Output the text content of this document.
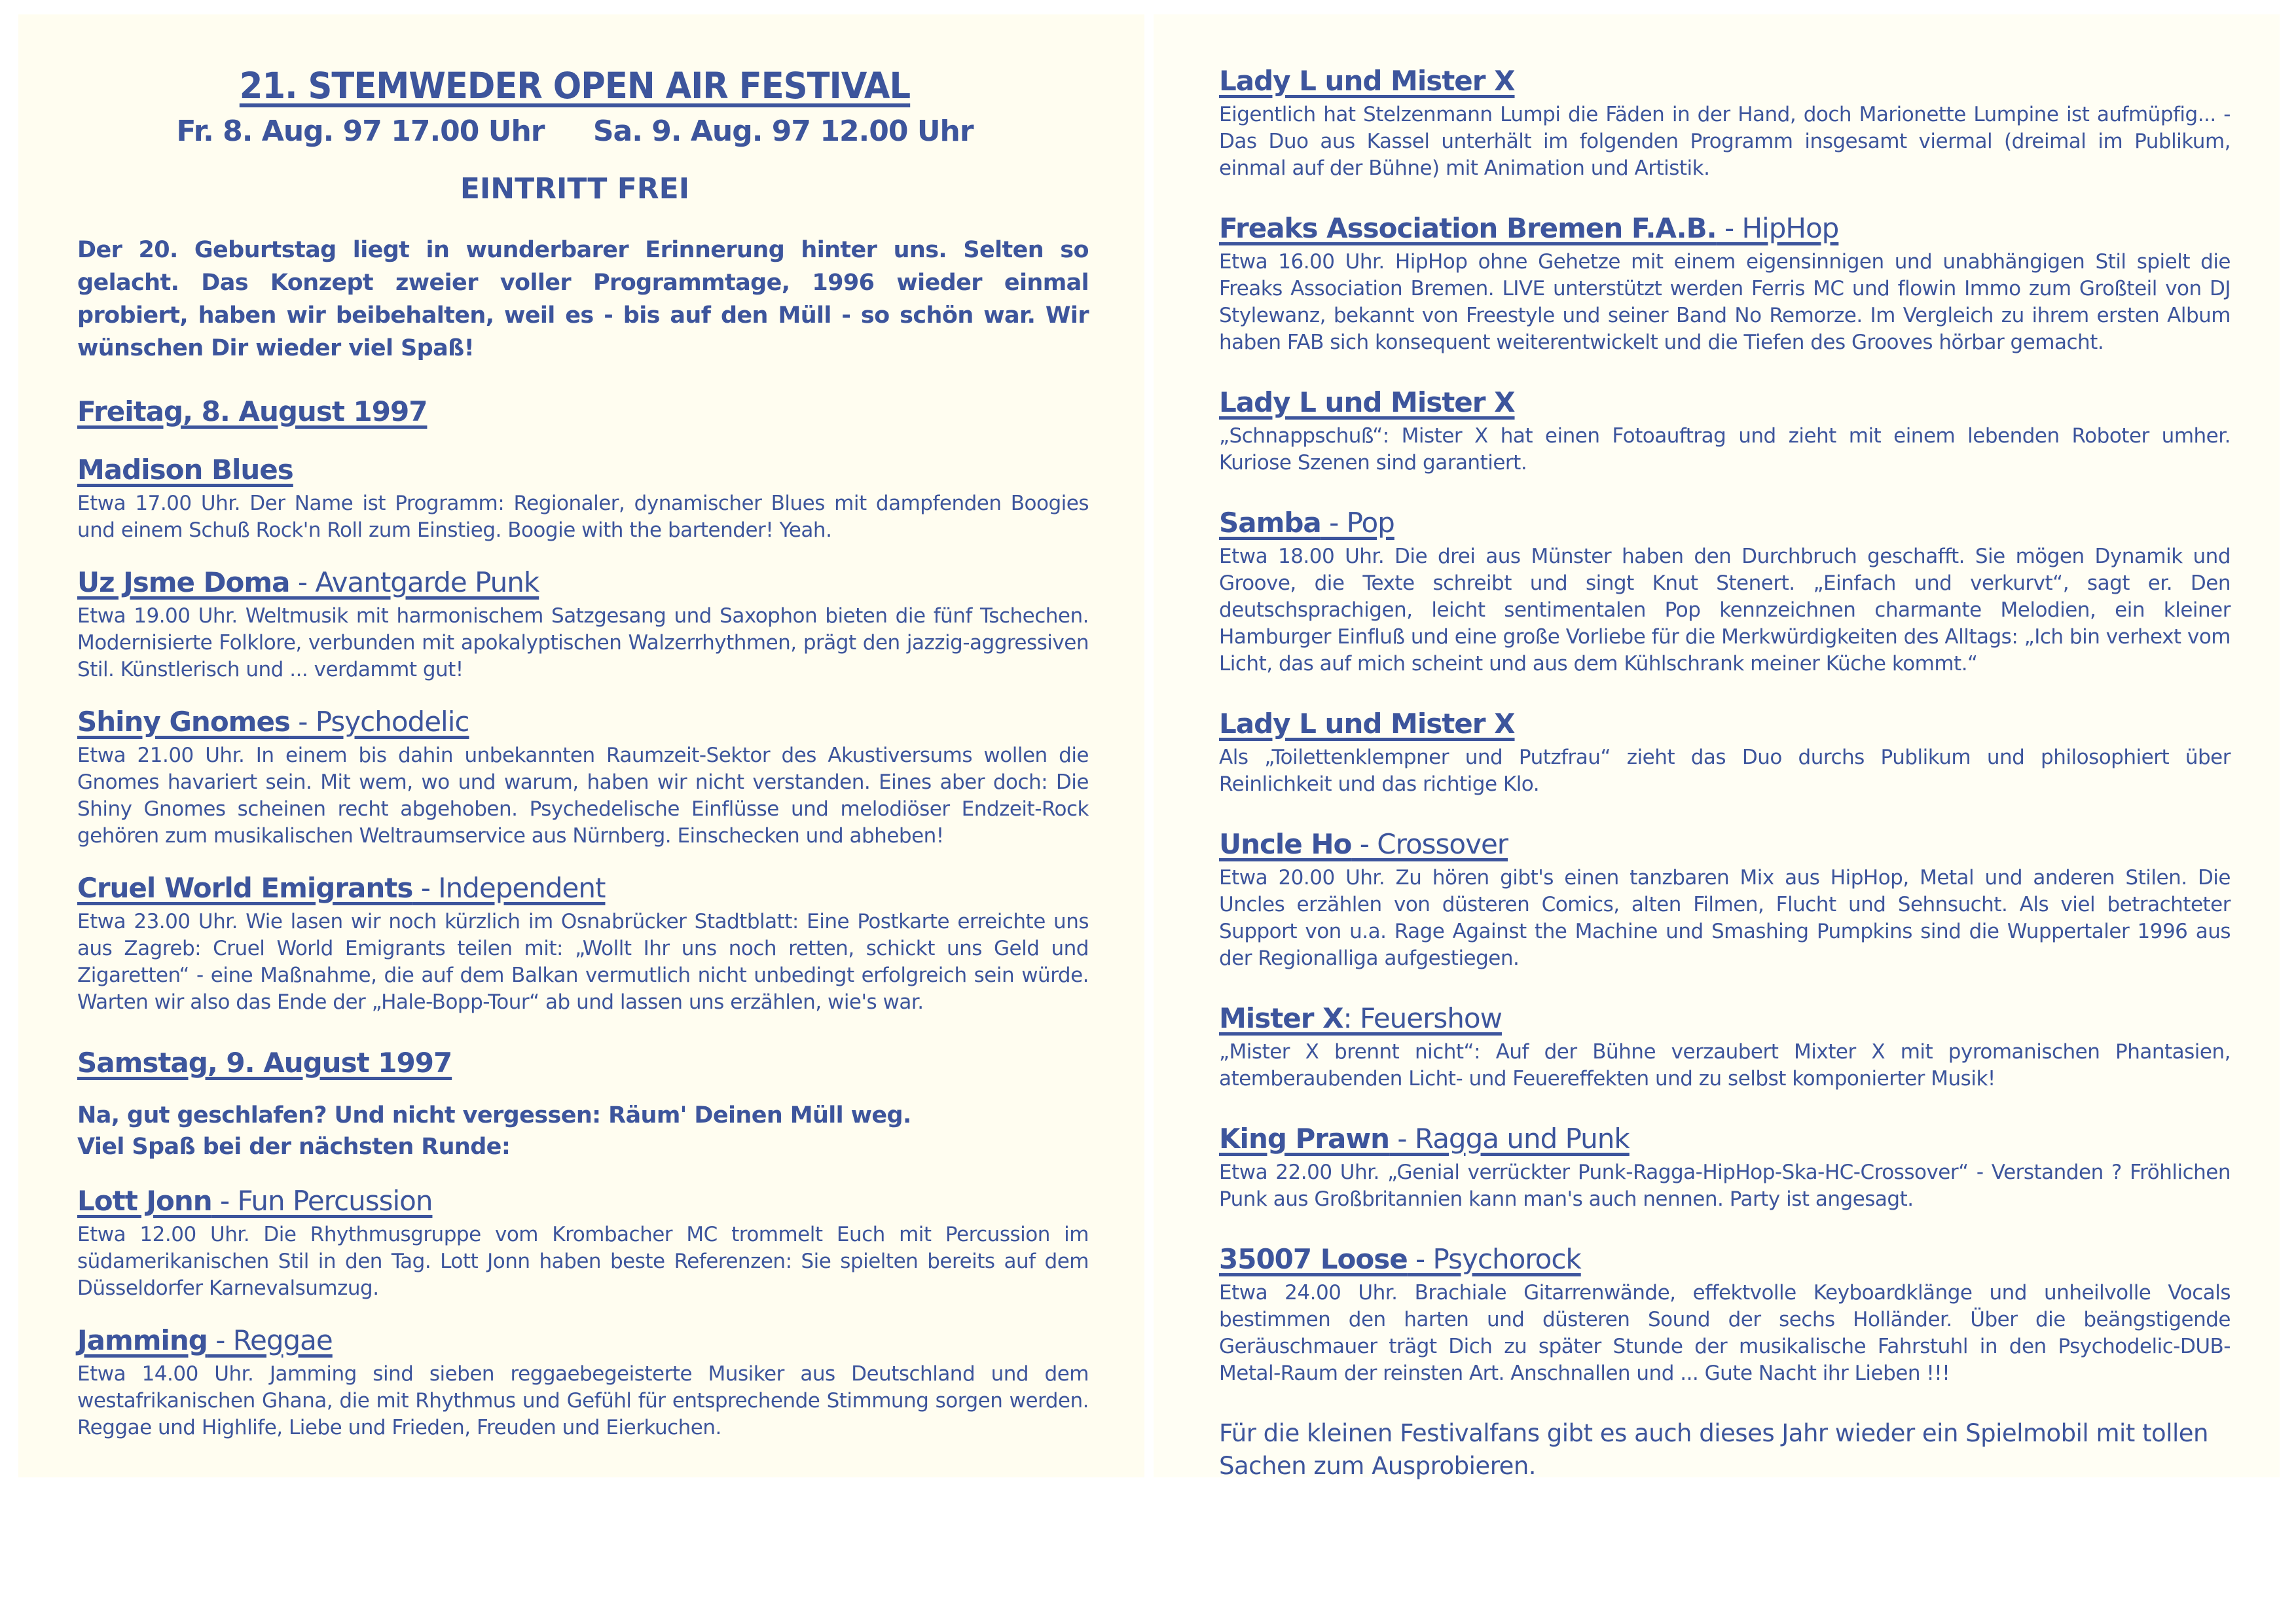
21. STEMWEDER OPEN AIR FESTIVAL
Fr. 8. Aug. 97 17.00 Uhr Sa. 9. Aug. 97 12.00 Uhr
EINTRITT FREI

Der 20. Geburtstag liegt in wunderbarer Erinnerung hinter uns. Selten so gelacht. Das Konzept zweier voller Programmtage, 1996 wieder einmal probiert, haben wir beibehalten, weil es - bis auf den Müll - so schön war. Wir wünschen Dir wieder viel Spaß!

Freitag, 8. August 1997
Madison Blues
Etwa 17.00 Uhr. Der Name ist Programm: Regionaler, dynamischer Blues mit dampfenden Boogies und einem Schuß Rock'n Roll zum Einstieg. Boogie with the bartender! Yeah.
Uz Jsme Doma - Avantgarde Punk
Etwa 19.00 Uhr. Weltmusik mit harmonischem Satzgesang und Saxophon bieten die fünf Tschechen. Modernisierte Folklore, verbunden mit apokalyptischen Walzerrhythmen, prägt den jazzig-aggressiven Stil. Künstlerisch und ... verdammt gut!
Shiny Gnomes - Psychodelic
Etwa 21.00 Uhr. In einem bis dahin unbekannten Raumzeit-Sektor des Akustiversums wollen die Gnomes havariert sein. Mit wem, wo und warum, haben wir nicht verstanden. Eines aber doch: Die Shiny Gnomes scheinen recht abgehoben. Psychedelische Einflüsse und melodiöser Endzeit-Rock gehören zum musikalischen Weltraumservice aus Nürnberg. Einschecken und abheben!
Cruel World Emigrants - Independent
Etwa 23.00 Uhr. Wie lasen wir noch kürzlich im Osnabrücker Stadtblatt: Eine Postkarte erreichte uns aus Zagreb: Cruel World Emigrants teilen mit: „Wollt Ihr uns noch retten, schickt uns Geld und Zigaretten“ - eine Maßnahme, die auf dem Balkan vermutlich nicht unbedingt erfolgreich sein würde. Warten wir also das Ende der „Hale-Bopp-Tour“ ab und lassen uns erzählen, wie's war.
Samstag, 9. August 1997
Na, gut geschlafen? Und nicht vergessen: Räum' Deinen Müll weg.
Viel Spaß bei der nächsten Runde:
Lott Jonn - Fun Percussion
Etwa 12.00 Uhr. Die Rhythmusgruppe vom Krombacher MC trommelt Euch mit Percussion im südamerikanischen Stil in den Tag. Lott Jonn haben beste Referenzen: Sie spielten bereits auf dem Düsseldorfer Karnevalsumzug.
Jamming - Reggae
Etwa 14.00 Uhr. Jamming sind sieben reggaebegeisterte Musiker aus Deutschland und dem westafrikanischen Ghana, die mit Rhythmus und Gefühl für entsprechende Stimmung sorgen werden. Reggae und Highlife, Liebe und Frieden, Freuden und Eierkuchen.
Lady L und Mister X
Eigentlich hat Stelzenmann Lumpi die Fäden in der Hand, doch Marionette Lumpine ist aufmüpfig... - Das Duo aus Kassel unterhält im folgenden Programm insgesamt viermal (dreimal im Publikum, einmal auf der Bühne) mit Animation und Artistik.
Freaks Association Bremen F.A.B. - HipHop
Etwa 16.00 Uhr. HipHop ohne Gehetze mit einem eigensinnigen und unabhängigen Stil spielt die Freaks Association Bremen. LIVE unterstützt werden Ferris MC und flowin Immo zum Großteil von DJ Stylewanz, bekannt von Freestyle und seiner Band No Remorze. Im Vergleich zu ihrem ersten Album haben FAB sich konsequent weiterentwickelt und die Tiefen des Grooves hörbar gemacht.
Lady L und Mister X
„Schnappschuß“: Mister X hat einen Fotoauftrag und zieht mit einem lebenden Roboter umher. Kuriose Szenen sind garantiert.
Samba - Pop
Etwa 18.00 Uhr. Die drei aus Münster haben den Durchbruch geschafft. Sie mögen Dynamik und Groove, die Texte schreibt und singt Knut Stenert. „Einfach und verkurvt“, sagt er. Den deutschsprachigen, leicht sentimentalen Pop kennzeichnen charmante Melodien, ein kleiner Hamburger Einfluß und eine große Vorliebe für die Merkwürdigkeiten des Alltags: „Ich bin verhext vom Licht, das auf mich scheint und aus dem Kühlschrank meiner Küche kommt.“
Lady L und Mister X
Als „Toilettenklempner und Putzfrau“ zieht das Duo durchs Publikum und philosophiert über Reinlichkeit und das richtige Klo.
Uncle Ho - Crossover
Etwa 20.00 Uhr. Zu hören gibt's einen tanzbaren Mix aus HipHop, Metal und anderen Stilen. Die Uncles erzählen von düsteren Comics, alten Filmen, Flucht und Sehnsucht. Als viel betrachteter Support von u.a. Rage Against the Machine und Smashing Pumpkins sind die Wuppertaler 1996 aus der Regionalliga aufgestiegen.
Mister X: Feuershow
„Mister X brennt nicht“: Auf der Bühne verzaubert Mixter X mit pyromanischen Phantasien, atemberaubenden Licht- und Feuereffekten und zu selbst komponierter Musik!
King Prawn - Ragga und Punk
Etwa 22.00 Uhr. „Genial verrückter Punk-Ragga-HipHop-Ska-HC-Crossover“ - Verstanden ? Fröhlichen Punk aus Großbritannien kann man's auch nennen. Party ist angesagt.
35007 Loose - Psychorock
Etwa 24.00 Uhr. Brachiale Gitarrenwände, effektvolle Keyboardklänge und unheilvolle Vocals bestimmen den harten und düsteren Sound der sechs Holländer. Über die beängstigende Geräuschmauer trägt Dich zu später Stunde der musikalische Fahrstuhl in den Psychodelic-DUB-Metal-Raum der reinsten Art. Anschnallen und ... Gute Nacht ihr Lieben !!!

Für die kleinen Festivalfans gibt es auch dieses Jahr wieder ein Spielmobil mit tollen Sachen zum Ausprobieren.
